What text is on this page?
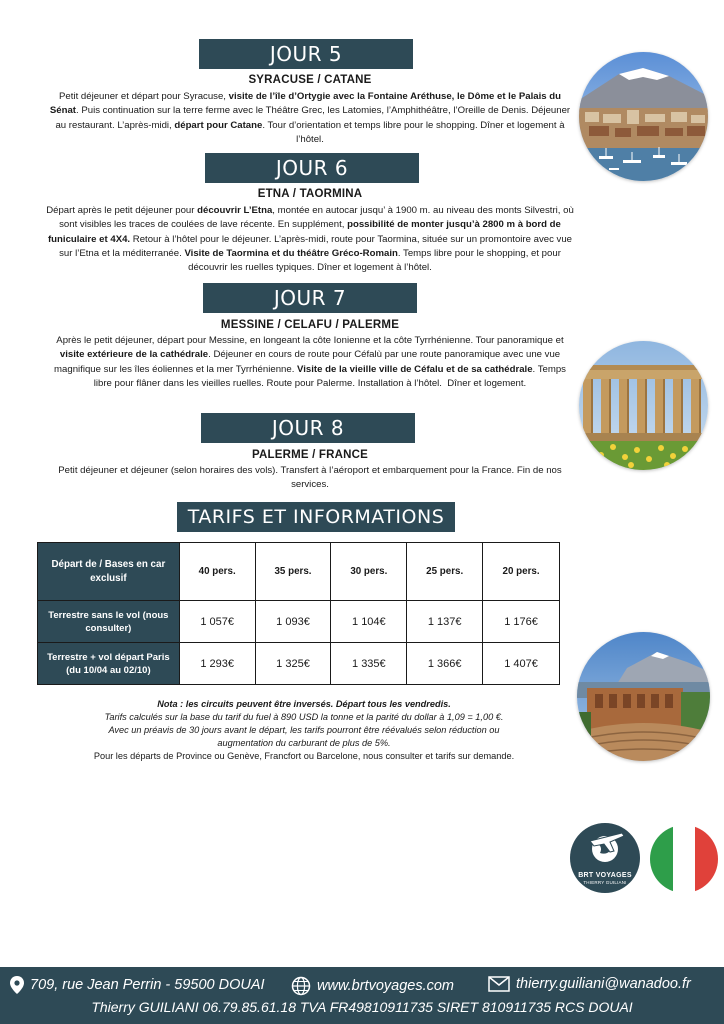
JOUR 5
SYRACUSE / CATANE
Petit déjeuner et départ pour Syracuse, visite de l’île d’Ortygie avec la Fontaine Aréthuse, le Dôme et le Palais du Sénat. Puis continuation sur la terre ferme avec le Théâtre Grec, les Latomies, l’Amphithéâtre, l’Oreille de Denis. Déjeuner au restaurant. L’après-midi, départ pour Catane. Tour d’orientation et temps libre pour le shopping. Dîner et logement à l’hôtel.
JOUR 6
ETNA / TAORMINA
Départ après le petit déjeuner pour découvrir L’Etna, montée en autocar jusqu’ à 1900 m. au niveau des monts Silvestri, où sont visibles les traces de coulées de lave récente. En supplément, possibilité de monter jusqu’à 2800 m à bord de funiculaire et 4X4. Retour à l’hôtel pour le déjeuner. L’après-midi, route pour Taormina, située sur un promontoire avec vue sur l’Etna et la méditerranée. Visite de Taormina et du théâtre Gréco-Romain. Temps libre pour le shopping, et pour découvrir les ruelles typiques. Dîner et logement à l’hôtel.
JOUR 7
MESSINE / CELAFU / PALERME
Après le petit déjeuner, départ pour Messine, en longeant la côte Ionienne et la côte Tyrrhénienne. Tour panoramique et visite extérieure de la cathédrale. Déjeuner en cours de route pour Céfalù par une route panoramique avec une vue magnifique sur les îles éoliennes et la mer Tyrrhénienne. Visite de la vieille ville de Céfalu et de sa cathédrale. Temps libre pour flâner dans les vieilles ruelles. Route pour Palerme. Installation à l’hôtel.  Dîner et logement.
JOUR 8
PALERME / FRANCE
Petit déjeuner et déjeuner (selon horaires des vols). Transfert à l’aéroport et embarquement pour la France. Fin de nos services.
TARIFS ET INFORMATIONS
Départ de / Bases en car exclusif	40 pers.	35 pers.	30 pers.	25 pers.	20 pers.
Terrestre sans le vol (nous consulter)	1 057€	1 093€	1 104€	1 137€	1 176€
Terrestre + vol départ Paris (du 10/04 au 02/10)	1 293€	1 325€	1 335€	1 366€	1 407€
Nota : les circuits peuvent être inversés. Départ tous les vendredis.
Tarifs calculés sur la base du tarif du fuel à 890 USD la tonne et la parité du dollar à 1,09 = 1,00 €.
Avec un préavis de 30 jours avant le départ, les tarifs pourront être réévalués selon réduction ou augmentation du carburant de plus de 5%.
Pour les départs de Province ou Genève, Francfort ou Barcelone, nous consulter et tarifs sur demande.
BRT VOYAGES
THIERRY GUILIANI
709, rue Jean Perrin - 59500 DOUAI	www.brtvoyages.com	thierry.guiliani@wanadoo.fr
Thierry GUILIANI 06.79.85.61.18 TVA FR49810911735 SIRET 810911735 RCS DOUAI
